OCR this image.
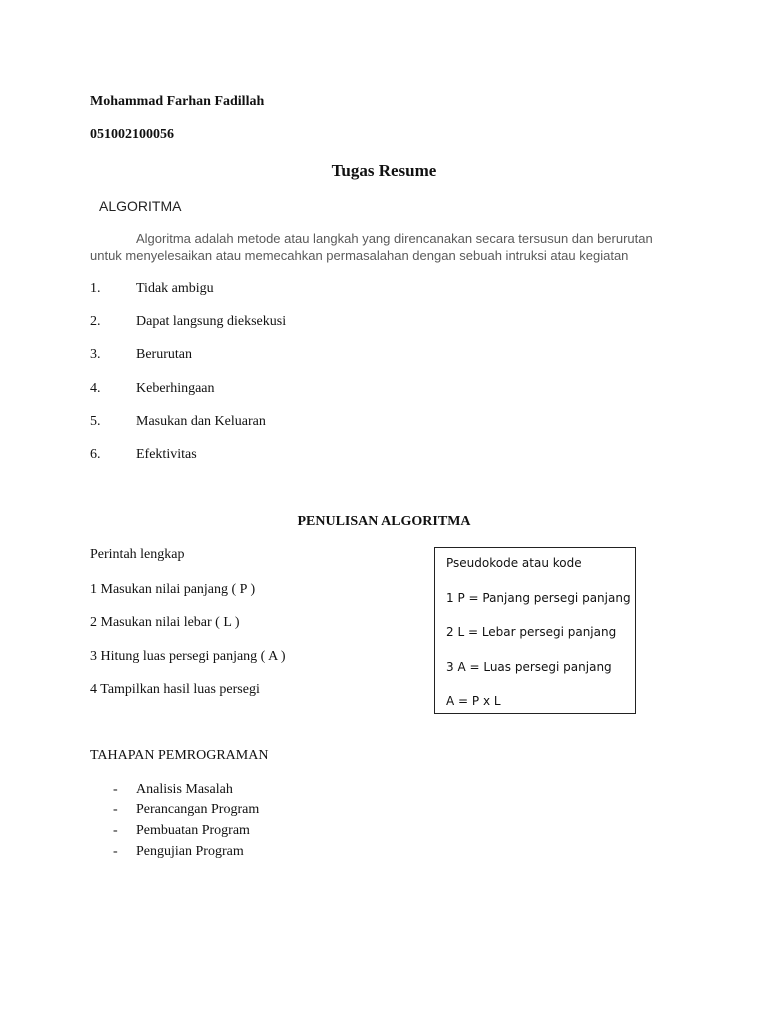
Mohammad Farhan Fadillah
051002100056
Tugas Resume
ALGORITMA
Algoritma adalah metode atau langkah yang direncanakan secara tersusun dan berurutan
untuk menyelesaikan atau memecahkan permasalahan dengan sebuah intruksi atau kegiatan
1.	Tidak ambigu
2.	Dapat langsung dieksekusi
3.	Berurutan
4.	Keberhingaan
5.	Masukan dan Keluaran
6.	Efektivitas
PENULISAN ALGORITMA
Perintah lengkap
1 Masukan nilai panjang ( P )
2 Masukan nilai lebar ( L )
3 Hitung luas persegi panjang ( A )
4 Tampilkan hasil luas persegi
Pseudokode atau kode
1 P = Panjang persegi panjang
2 L = Lebar persegi panjang
3 A = Luas persegi panjang
A = P x L
TAHAPAN PEMROGRAMAN
- Analisis Masalah
- Perancangan Program
- Pembuatan Program
- Pengujian Program
